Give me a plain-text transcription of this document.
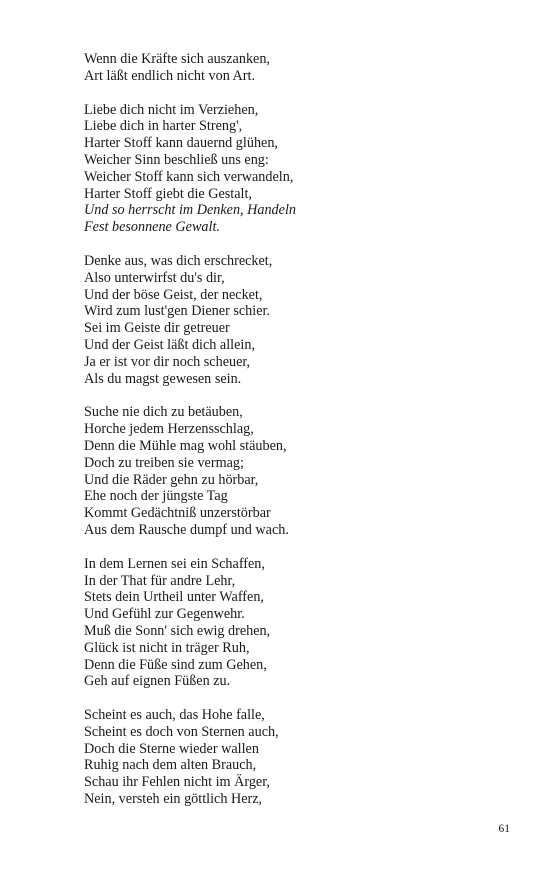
Wenn die Kräfte sich auszanken,
Art läßt endlich nicht von Art.
Liebe dich nicht im Verziehen,
Liebe dich in harter Streng',
Harter Stoff kann dauernd glühen,
Weicher Sinn beschließ uns eng:
Weicher Stoff kann sich verwandeln,
Harter Stoff giebt die Gestalt,
Und so herrscht im Denken, Handeln
Fest besonnene Gewalt.
Denke aus, was dich erschrecket,
Also unterwirfst du's dir,
Und der böse Geist, der necket,
Wird zum lust'gen Diener schier.
Sei im Geiste dir getreuer
Und der Geist läßt dich allein,
Ja er ist vor dir noch scheuer,
Als du magst gewesen sein.
Suche nie dich zu betäuben,
Horche jedem Herzensschlag,
Denn die Mühle mag wohl stäuben,
Doch zu treiben sie vermag;
Und die Räder gehn zu hörbar,
Ehe noch der jüngste Tag
Kommt Gedächtniß unzerstörbar
Aus dem Rausche dumpf und wach.
In dem Lernen sei ein Schaffen,
In der That für andre Lehr,
Stets dein Urtheil unter Waffen,
Und Gefühl zur Gegenwehr.
Muß die Sonn' sich ewig drehen,
Glück ist nicht in träger Ruh,
Denn die Füße sind zum Gehen,
Geh auf eignen Füßen zu.
Scheint es auch, das Hohe falle,
Scheint es doch von Sternen auch,
Doch die Sterne wieder wallen
Ruhig nach dem alten Brauch,
Schau ihr Fehlen nicht im Ärger,
Nein, versteh ein göttlich Herz,
61
